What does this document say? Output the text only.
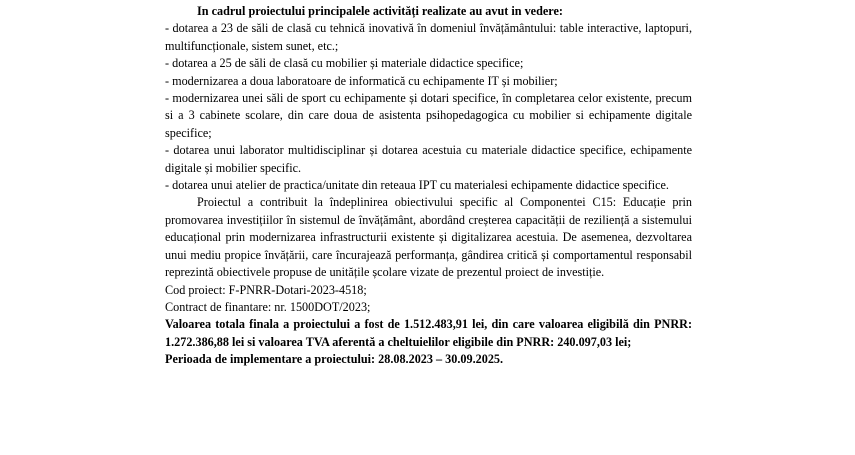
In cadrul proiectului principalele activități realizate au avut in vedere:

- dotarea a 23 de săli de clasă cu tehnică inovativă în domeniul învățământului: table interactive, laptopuri, multifuncționale, sistem sunet, etc.;

- dotarea a 25 de săli de clasă cu mobilier și materiale didactice specifice;

- modernizarea a doua laboratoare de informatică cu echipamente IT și mobilier;

- modernizarea unei săli de sport cu echipamente și dotari specifice, în completarea celor existente, precum si a 3 cabinete scolare, din care doua de asistenta psihopedagogica cu mobilier si echipamente digitale specifice;

- dotarea unui laborator multidisciplinar și dotarea acestuia cu materiale didactice specifice, echipamente digitale și mobilier specific.

- dotarea unui atelier de practica/unitate din reteaua IPT cu materialesi echipamente didactice specifice.

Proiectul a contribuit la îndeplinirea obiectivului specific al Componentei C15: Educație prin promovarea investițiilor în sistemul de învățământ, abordând creșterea capacității de reziliență a sistemului educațional prin modernizarea infrastructurii existente și digitalizarea acestuia. De asemenea, dezvoltarea unui mediu propice învățării, care încurajează performanța, gândirea critică și comportamentul responsabil reprezintă obiectivele propuse de unitățile școlare vizate de prezentul proiect de investiție.

Cod proiect: F-PNRR-Dotari-2023-4518;

Contract de finantare: nr. 1500DOT/2023;

Valoarea totala finala a proiectului a fost de 1.512.483,91 lei, din care valoarea eligibilă din PNRR: 1.272.386,88 lei si valoarea TVA aferentă a cheltuielilor eligibile din PNRR: 240.097,03 lei;

Perioada de implementare a proiectului: 28.08.2023 – 30.09.2025.
